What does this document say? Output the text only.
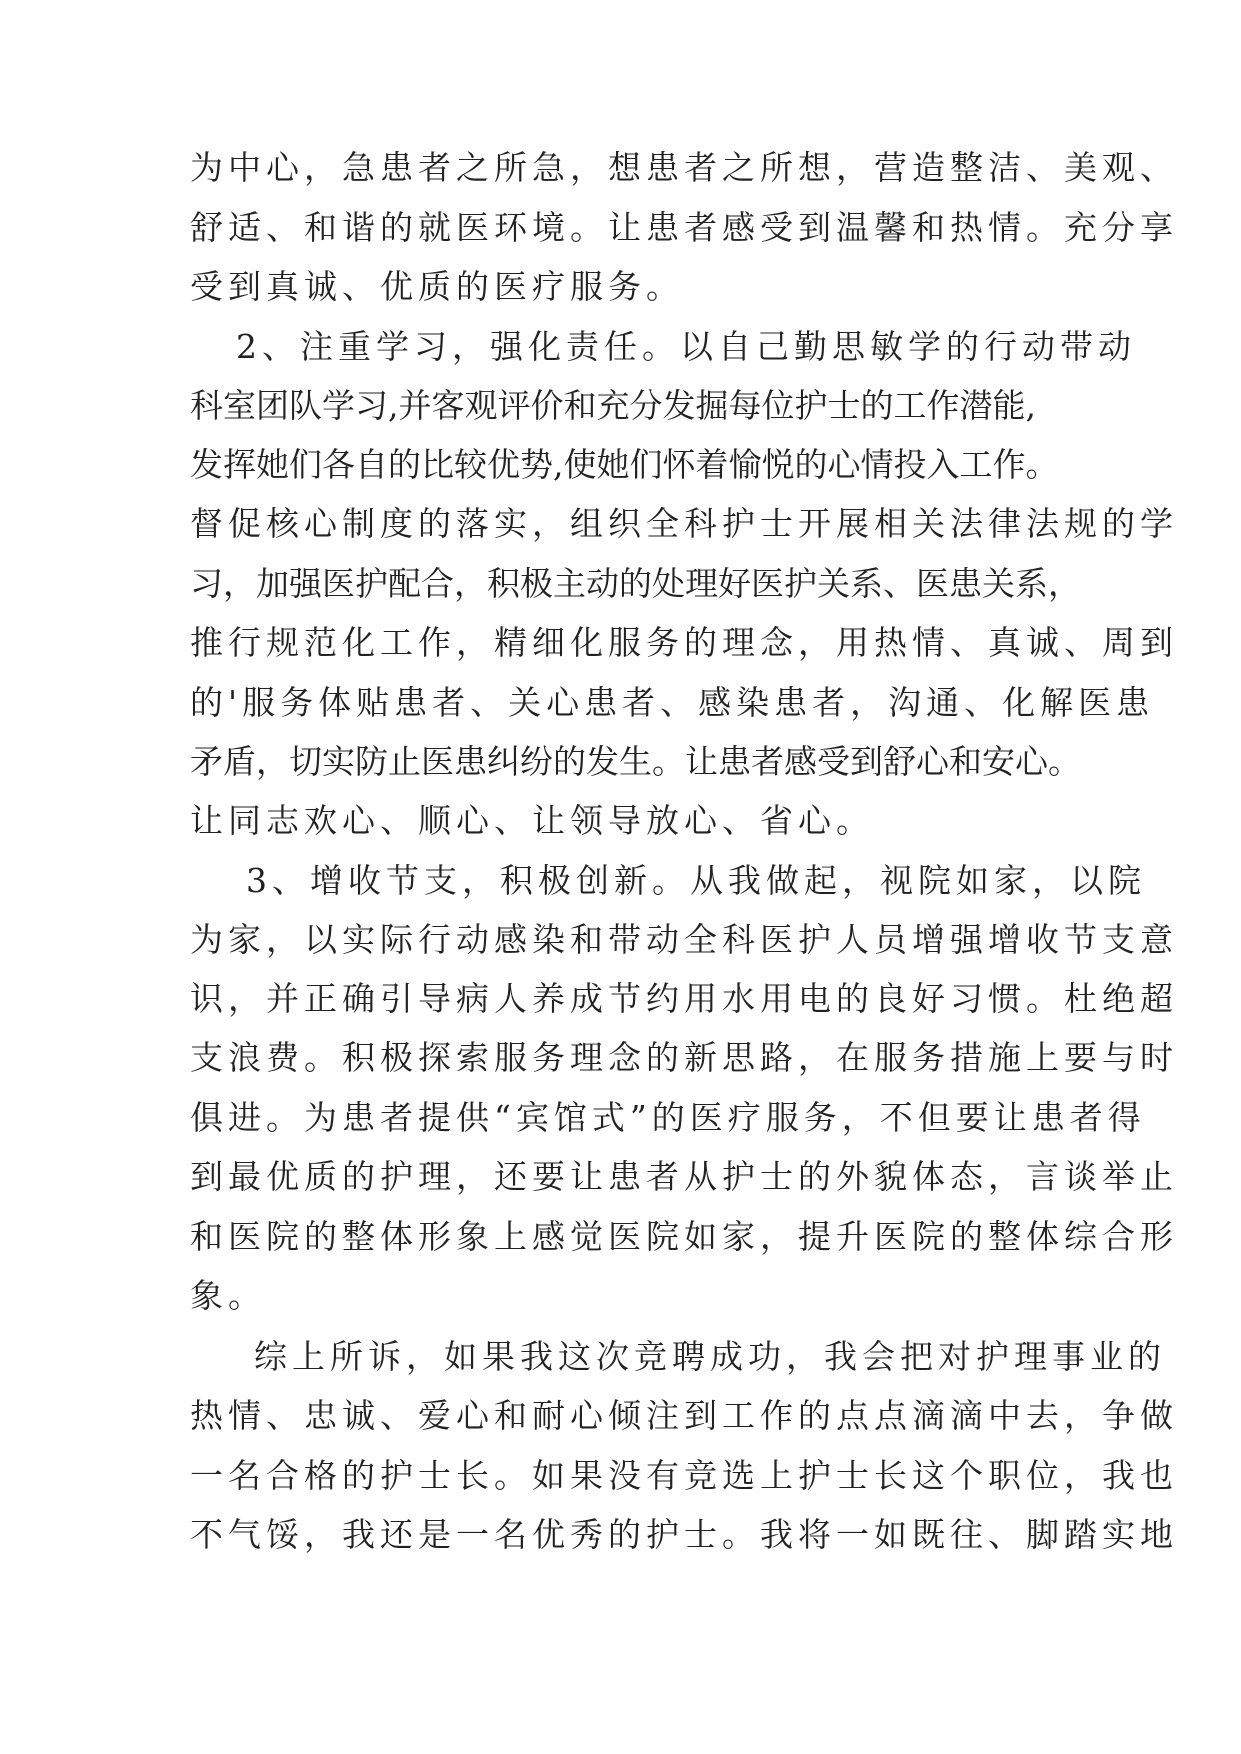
为中心，急患者之所急，想患者之所想，营造整洁、美观、

舒适、和谐的就医环境。让患者感受到温馨和热情。充分享

受到真诚、优质的医疗服务。

2、注重学习，强化责任。以自己勤思敏学的行动带动

科室团队学习,并客观评价和充分发掘每位护士的工作潜能,

发挥她们各自的比较优势,使她们怀着愉悦的心情投入工作。

督促核心制度的落实，组织全科护士开展相关法律法规的学

习，加强医护配合，积极主动的处理好医护关系、医患关系，

推行规范化工作，精细化服务的理念，用热情、真诚、周到

的'服务体贴患者、关心患者、感染患者，沟通、化解医患

矛盾，切实防止医患纠纷的发生。让患者感受到舒心和安心。

让同志欢心、顺心、让领导放心、省心。

3、增收节支，积极创新。从我做起，视院如家，以院

为家，以实际行动感染和带动全科医护人员增强增收节支意

识，并正确引导病人养成节约用水用电的良好习惯。杜绝超

支浪费。积极探索服务理念的新思路，在服务措施上要与时

俱进。为患者提供“宾馆式”的医疗服务，不但要让患者得

到最优质的护理，还要让患者从护士的外貌体态，言谈举止

和医院的整体形象上感觉医院如家，提升医院的整体综合形

象。

综上所诉，如果我这次竞聘成功，我会把对护理事业的

热情、忠诚、爱心和耐心倾注到工作的点点滴滴中去，争做

一名合格的护士长。如果没有竞选上护士长这个职位，我也

不气馁，我还是一名优秀的护士。我将一如既往、脚踏实地
